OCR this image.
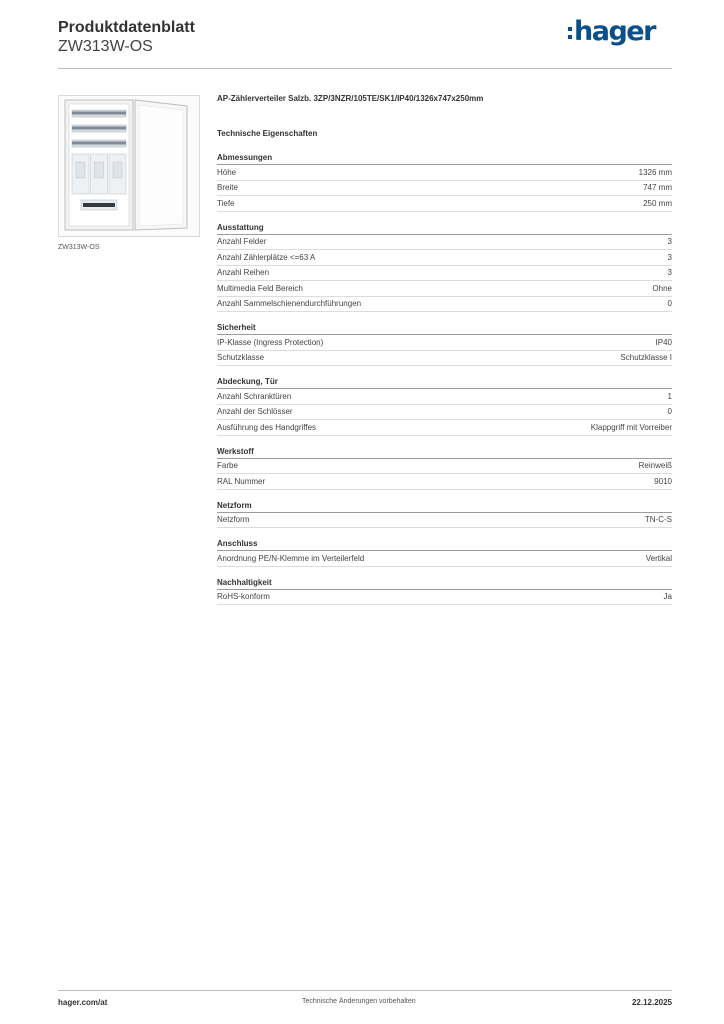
Produktdatenblatt
ZW313W-OS	hager
ZW313W-OS
AP-Zählerverteiler Salzb. 3ZP/3NZR/105TE/SK1/IP40/1326x747x250mm
Technische Eigenschaften
Abmessungen
Höhe	1326 mm
Breite	747 mm
Tiefe	250 mm
Ausstattung
Anzahl Felder	3
Anzahl Zählerplätze <=63 A	3
Anzahl Reihen	3
Multimedia Feld Bereich	Ohne
Anzahl Sammelschienendurchführungen	0
Sicherheit
IP-Klasse (Ingress Protection)	IP40
Schutzklasse	Schutzklasse I
Abdeckung, Tür
Anzahl Schranktüren	1
Anzahl der Schlösser	0
Ausführung des Handgriffes	Klappgriff mit Vorreiber
Werkstoff
Farbe	Reinweiß
RAL Nummer	9010
Netzform
Netzform	TN-C-S
Anschluss
Anordnung PE/N-Klemme im Verteilerfeld	Vertikal
Nachhaltigkeit
RoHS-konform	Ja
hager.com/at	Technische Änderungen vorbehalten	22.12.2025
